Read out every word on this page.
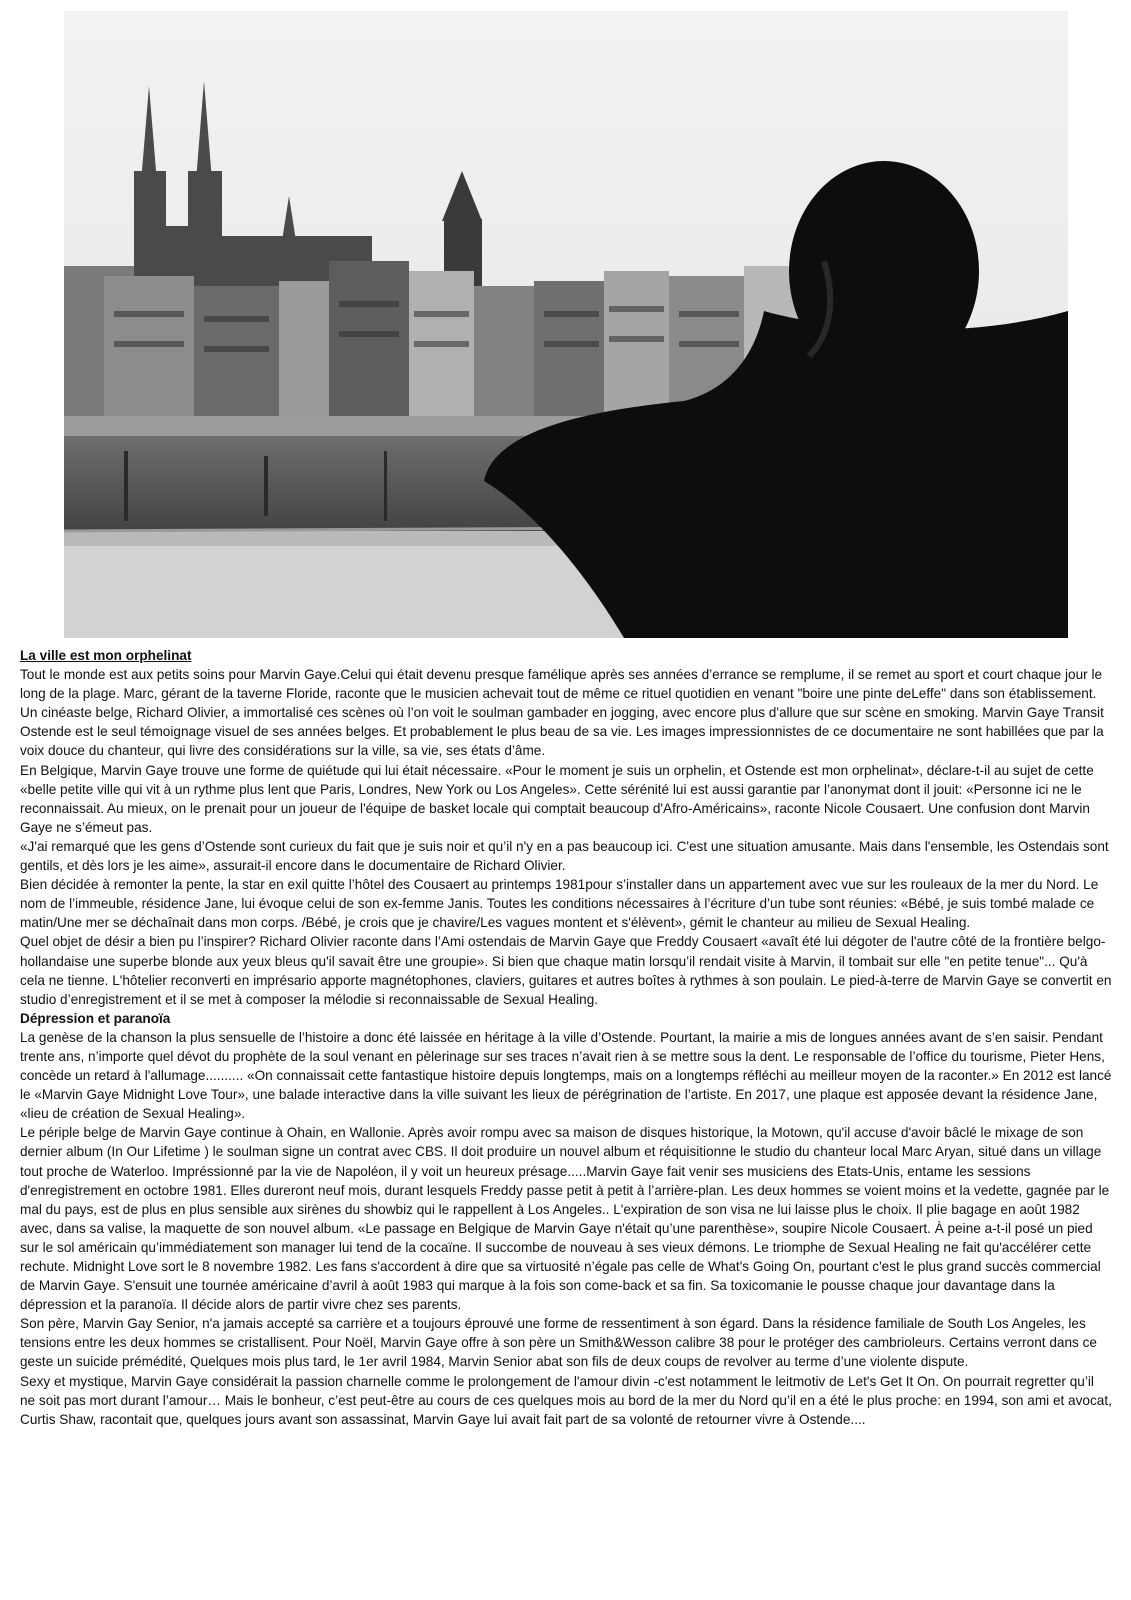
La ville est mon orphelinat

Tout le monde est aux petits soins pour Marvin Gaye.Celui qui était devenu presque famélique après ses années d’errance se remplume, il se remet au sport et court chaque jour le long de la plage. Marc, gérant de la taverne Floride, raconte que le musicien achevait tout de même ce rituel quotidien en venant "boire une pinte deLeffe" dans son établissement. Un cinéaste belge, Richard Olivier, a immortalisé ces scènes où l’on voit le soulman gambader en jogging, avec encore plus d'allure que sur scène en smoking. Marvin Gaye Transit Ostende est le seul témoignage visuel de ses années belges. Et probablement le plus beau de sa vie. Les images impressionnistes de ce documentaire ne sont habillées que par la voix douce du chanteur, qui livre des considérations sur la ville, sa vie, ses états d’âme.

En Belgique, Marvin Gaye trouve une forme de quiétude qui lui était nécessaire. «Pour le moment je suis un orphelin, et Ostende est mon orphelinat», déclare-t-il au sujet de cette «belle petite ville qui vit à un rythme plus lent que Paris, Londres, New York ou Los Angeles». Cette sérénité lui est aussi garantie par l’anonymat dont il jouit: «Personne ici ne le reconnaissait. Au mieux, on le prenait pour un joueur de l'équipe de basket locale qui comptait beaucoup d'Afro-Américains», raconte Nicole Cousaert. Une confusion dont Marvin Gaye ne s’émeut pas.

«J'ai remarqué que les gens d’Ostende sont curieux du fait que je suis noir et qu’il n'y en a pas beaucoup ici. C'est une situation amusante. Mais dans l'ensemble, les Ostendais sont gentils, et dès lors je les aime», assurait-il encore dans le documentaire de Richard Olivier.

Bien décidée à remonter la pente, la star en exil quitte l’hôtel des Cousaert au printemps 1981pour s’installer dans un appartement avec vue sur les rouleaux de la mer du Nord. Le nom de l’immeuble, résidence Jane, lui évoque celui de son ex-femme Janis. Toutes les conditions nécessaires à l’écriture d’un tube sont réunies: «Bébé, je suis tombé malade ce matin/Une mer se déchaînait dans mon corps. /Bébé, je crois que je chavire/Les vagues montent et s'élèvent», gémit le chanteur au milieu de Sexual Healing.

Quel objet de désir a bien pu l’inspirer? Richard Olivier raconte dans l’Ami ostendais de Marvin Gaye que Freddy Cousaert «avaît été lui dégoter de l'autre côté de la frontière belgo-hollandaise une superbe blonde aux yeux bleus qu'il savait être une groupie». Si bien que chaque matin lorsqu’il rendait visite à Marvin, il tombait sur elle "en petite tenue"... Qu'à cela ne tienne. L'hôtelier reconverti en imprésario apporte magnétophones, claviers, guitares et autres boîtes à rythmes à son poulain. Le pied-à-terre de Marvin Gaye se convertit en studio d’enregistrement et il se met à composer la mélodie si reconnaissable de Sexual Healing.

Dépression et paranoïa

La genèse de la chanson la plus sensuelle de l’histoire a donc été laissée en héritage à la ville d’Ostende. Pourtant, la mairie a mis de longues années avant de s’en saisir. Pendant trente ans, n’importe quel dévot du prophète de la soul venant en pèlerinage sur ses traces n’avait rien à se mettre sous la dent. Le responsable de l’office du tourisme, Pieter Hens, concède un retard à l'allumage.......... «On connaissait cette fantastique histoire depuis longtemps, mais on a longtemps réfléchi au meilleur moyen de la raconter.» En 2012 est lancé le «Marvin Gaye Midnight Love Tour», une balade interactive dans la ville suivant les lieux de pérégrination de l’artiste. En 2017, une plaque est apposée devant la résidence Jane, «lieu de création de Sexual Healing».

Le périple belge de Marvin Gaye continue à Ohain, en Wallonie. Après avoir rompu avec sa maison de disques historique, la Motown, qu'il accuse d'avoir bâclé le mixage de son dernier album (In Our Lifetime ) le soulman signe un contrat avec CBS. Il doit produire un nouvel album et réquisitionne le studio du chanteur local Marc Aryan, situé dans un village tout proche de Waterloo. Impréssionné par la vie de Napoléon, il y voit un heureux présage.....Marvin Gaye fait venir ses musiciens des Etats-Unis, entame les sessions d'enregistrement en octobre 1981. Elles dureront neuf mois, durant lesquels Freddy passe petit à petit à l’arrière-plan. Les deux hommes se voient moins et la vedette, gagnée par le mal du pays, est de plus en plus sensible aux sirènes du showbiz qui le rappellent à Los Angeles.. L'expiration de son visa ne lui laisse plus le choix. Il plie bagage en août 1982 avec, dans sa valise, la maquette de son nouvel album. «Le passage en Belgique de Marvin Gaye n'était qu’une parenthèse», soupire Nicole Cousaert. À peine a-t-il posé un pied sur le sol américain qu’immédiatement son manager lui tend de la cocaïne. Il succombe de nouveau à ses vieux démons. Le triomphe de Sexual Healing ne fait qu'accélérer cette rechute. Midnight Love sort le 8 novembre 1982. Les fans s'accordent à dire que sa virtuosité n’égale pas celle de What's Going On, pourtant c'est le plus grand succès commercial de Marvin Gaye. S'ensuit une tournée américaine d’avril à août 1983 qui marque à la fois son come-back et sa fin. Sa toxicomanie le pousse chaque jour davantage dans la dépression et la paranoïa. Il décide alors de partir vivre chez ses parents.

Son père, Marvin Gay Senior, n'a jamais accepté sa carrière et a toujours éprouvé une forme de ressentiment à son égard. Dans la résidence familiale de South Los Angeles, les tensions entre les deux hommes se cristallisent. Pour Noël, Marvin Gaye offre à son père un Smith&Wesson calibre 38 pour le protéger des cambrioleurs. Certains verront dans ce geste un suicide prémédité, Quelques mois plus tard, le 1er avril 1984, Marvin Senior abat son fils de deux coups de revolver au terme d’une violente dispute.

Sexy et mystique, Marvin Gaye considérait la passion charnelle comme le prolongement de l'amour divin -c'est notamment le leitmotiv de Let's Get It On. On pourrait regretter qu’il ne soit pas mort durant l’amour… Mais le bonheur, c’est peut-être au cours de ces quelques mois au bord de la mer du Nord qu’il en a été le plus proche: en 1994, son ami et avocat, Curtis Shaw, racontait que, quelques jours avant son assassinat, Marvin Gaye lui avait fait part de sa volonté de retourner vivre à Ostende....
